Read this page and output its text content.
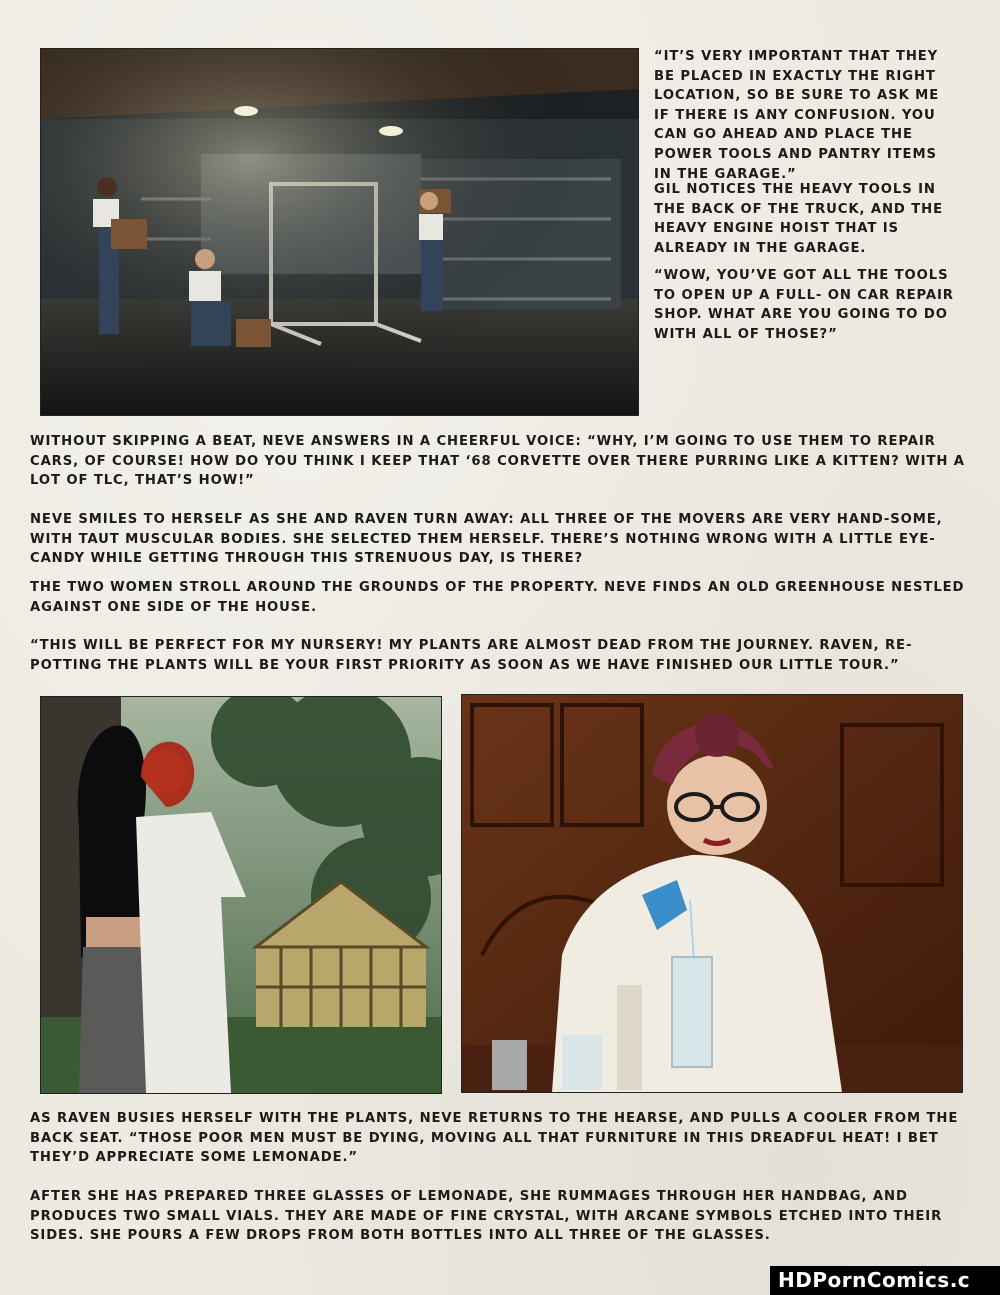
“IT’S VERY IMPORTANT THAT THEY BE PLACED IN EXACTLY THE RIGHT LOCATION, SO BE SURE TO ASK ME IF THERE IS ANY CONFUSION. YOU CAN GO AHEAD AND PLACE THE POWER TOOLS AND PANTRY ITEMS IN THE GARAGE.”

GIL NOTICES THE HEAVY TOOLS IN THE BACK OF THE TRUCK, AND THE HEAVY ENGINE HOIST THAT IS ALREADY IN THE GARAGE.

“WOW, YOU’VE GOT ALL THE TOOLS TO OPEN UP A FULL- ON CAR REPAIR SHOP. WHAT ARE YOU GOING TO DO WITH ALL OF THOSE?”

WITHOUT SKIPPING A BEAT, NEVE ANSWERS IN A CHEERFUL VOICE: “WHY, I’M GOING TO USE THEM TO REPAIR CARS, OF COURSE! HOW DO YOU THINK I KEEP THAT ‘68 CORVETTE OVER THERE PURRING LIKE A KITTEN? WITH A LOT OF TLC, THAT’S HOW!”

NEVE SMILES TO HERSELF AS SHE AND RAVEN TURN AWAY: ALL THREE OF THE MOVERS ARE VERY HAND-SOME, WITH TAUT MUSCULAR BODIES. SHE SELECTED THEM HERSELF. THERE’S NOTHING WRONG WITH A LITTLE EYE-CANDY WHILE GETTING THROUGH THIS STRENUOUS DAY, IS THERE?

THE TWO WOMEN STROLL AROUND THE GROUNDS OF THE PROPERTY. NEVE FINDS AN OLD GREENHOUSE NESTLED AGAINST ONE SIDE OF THE HOUSE.

“THIS WILL BE PERFECT FOR MY NURSERY! MY PLANTS ARE ALMOST DEAD FROM THE JOURNEY. RAVEN, RE-POTTING THE PLANTS WILL BE YOUR FIRST PRIORITY AS SOON AS WE HAVE FINISHED OUR LITTLE TOUR.”

AS RAVEN BUSIES HERSELF WITH THE PLANTS, NEVE RETURNS TO THE HEARSE, AND PULLS A COOLER FROM THE BACK SEAT. “THOSE POOR MEN MUST BE DYING, MOVING ALL THAT FURNITURE IN THIS DREADFUL HEAT! I BET THEY’D APPRECIATE SOME LEMONADE.”

AFTER SHE HAS PREPARED THREE GLASSES OF LEMONADE, SHE RUMMAGES THROUGH HER HANDBAG, AND PRODUCES TWO SMALL VIALS. THEY ARE MADE OF FINE CRYSTAL, WITH ARCANE SYMBOLS ETCHED INTO THEIR SIDES. SHE POURS A FEW DROPS FROM BOTH BOTTLES INTO ALL THREE OF THE GLASSES.

HDPornComics.c
